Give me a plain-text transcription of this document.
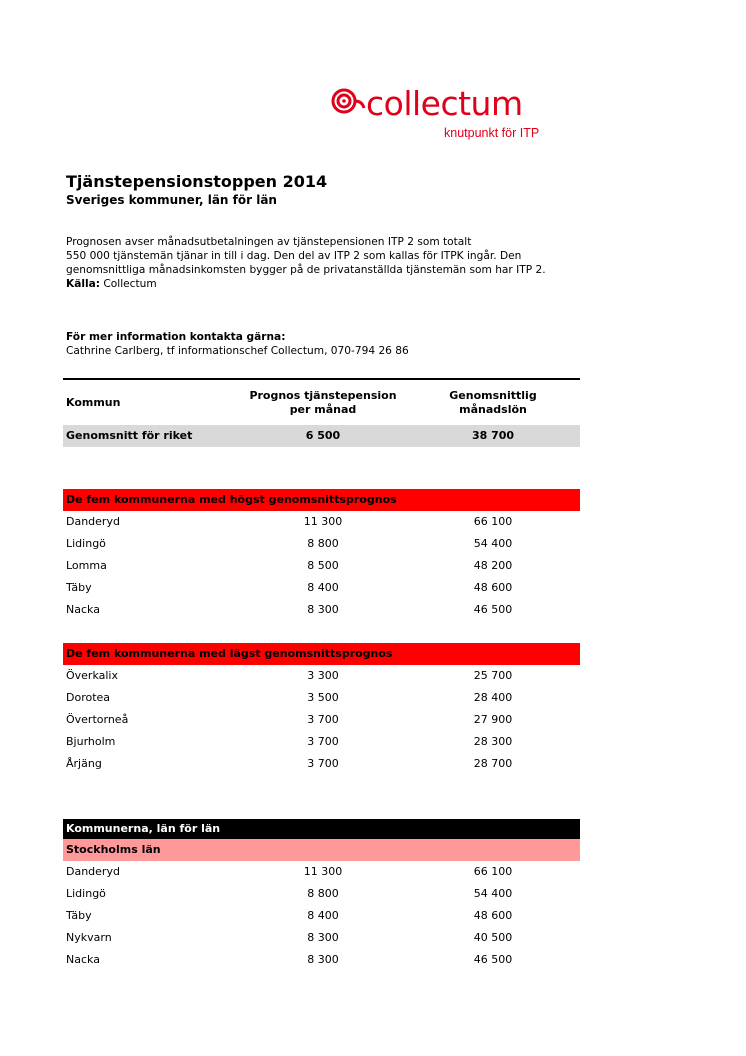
collectum
knutpunkt för ITP
Tjänstepensionstoppen 2014
Sveriges kommuner, län för län

Prognosen avser månadsutbetalningen av tjänstepensionen ITP 2 som totalt

550 000 tjänstemän tjänar in till i dag. Den del av ITP 2 som kallas för ITPK ingår. Den

genomsnittliga månadsinkomsten bygger på de privatanställda tjänstemän som har ITP 2.

Källa: Collectum

För mer information kontakta gärna:

Cathrine Carlberg, tf informationschef Collectum, 070-794 26 86

Kommun
Prognos tjänstepension
per månad
Genomsnittlig
månadslön
Genomsnitt för riket	6 500	38 700
De fem kommunerna med högst genomsnittsprognos
Danderyd	11 300	66 100
Lidingö	8 800	54 400
Lomma	8 500	48 200
Täby	8 400	48 600
Nacka	8 300	46 500
De fem kommunerna med lägst genomsnittsprognos
Överkalix	3 300	25 700
Dorotea	3 500	28 400
Övertorneå	3 700	27 900
Bjurholm	3 700	28 300
Årjäng	3 700	28 700
Kommunerna, län för län
Stockholms län
Danderyd	11 300	66 100
Lidingö	8 800	54 400
Täby	8 400	48 600
Nykvarn	8 300	40 500
Nacka	8 300	46 500
